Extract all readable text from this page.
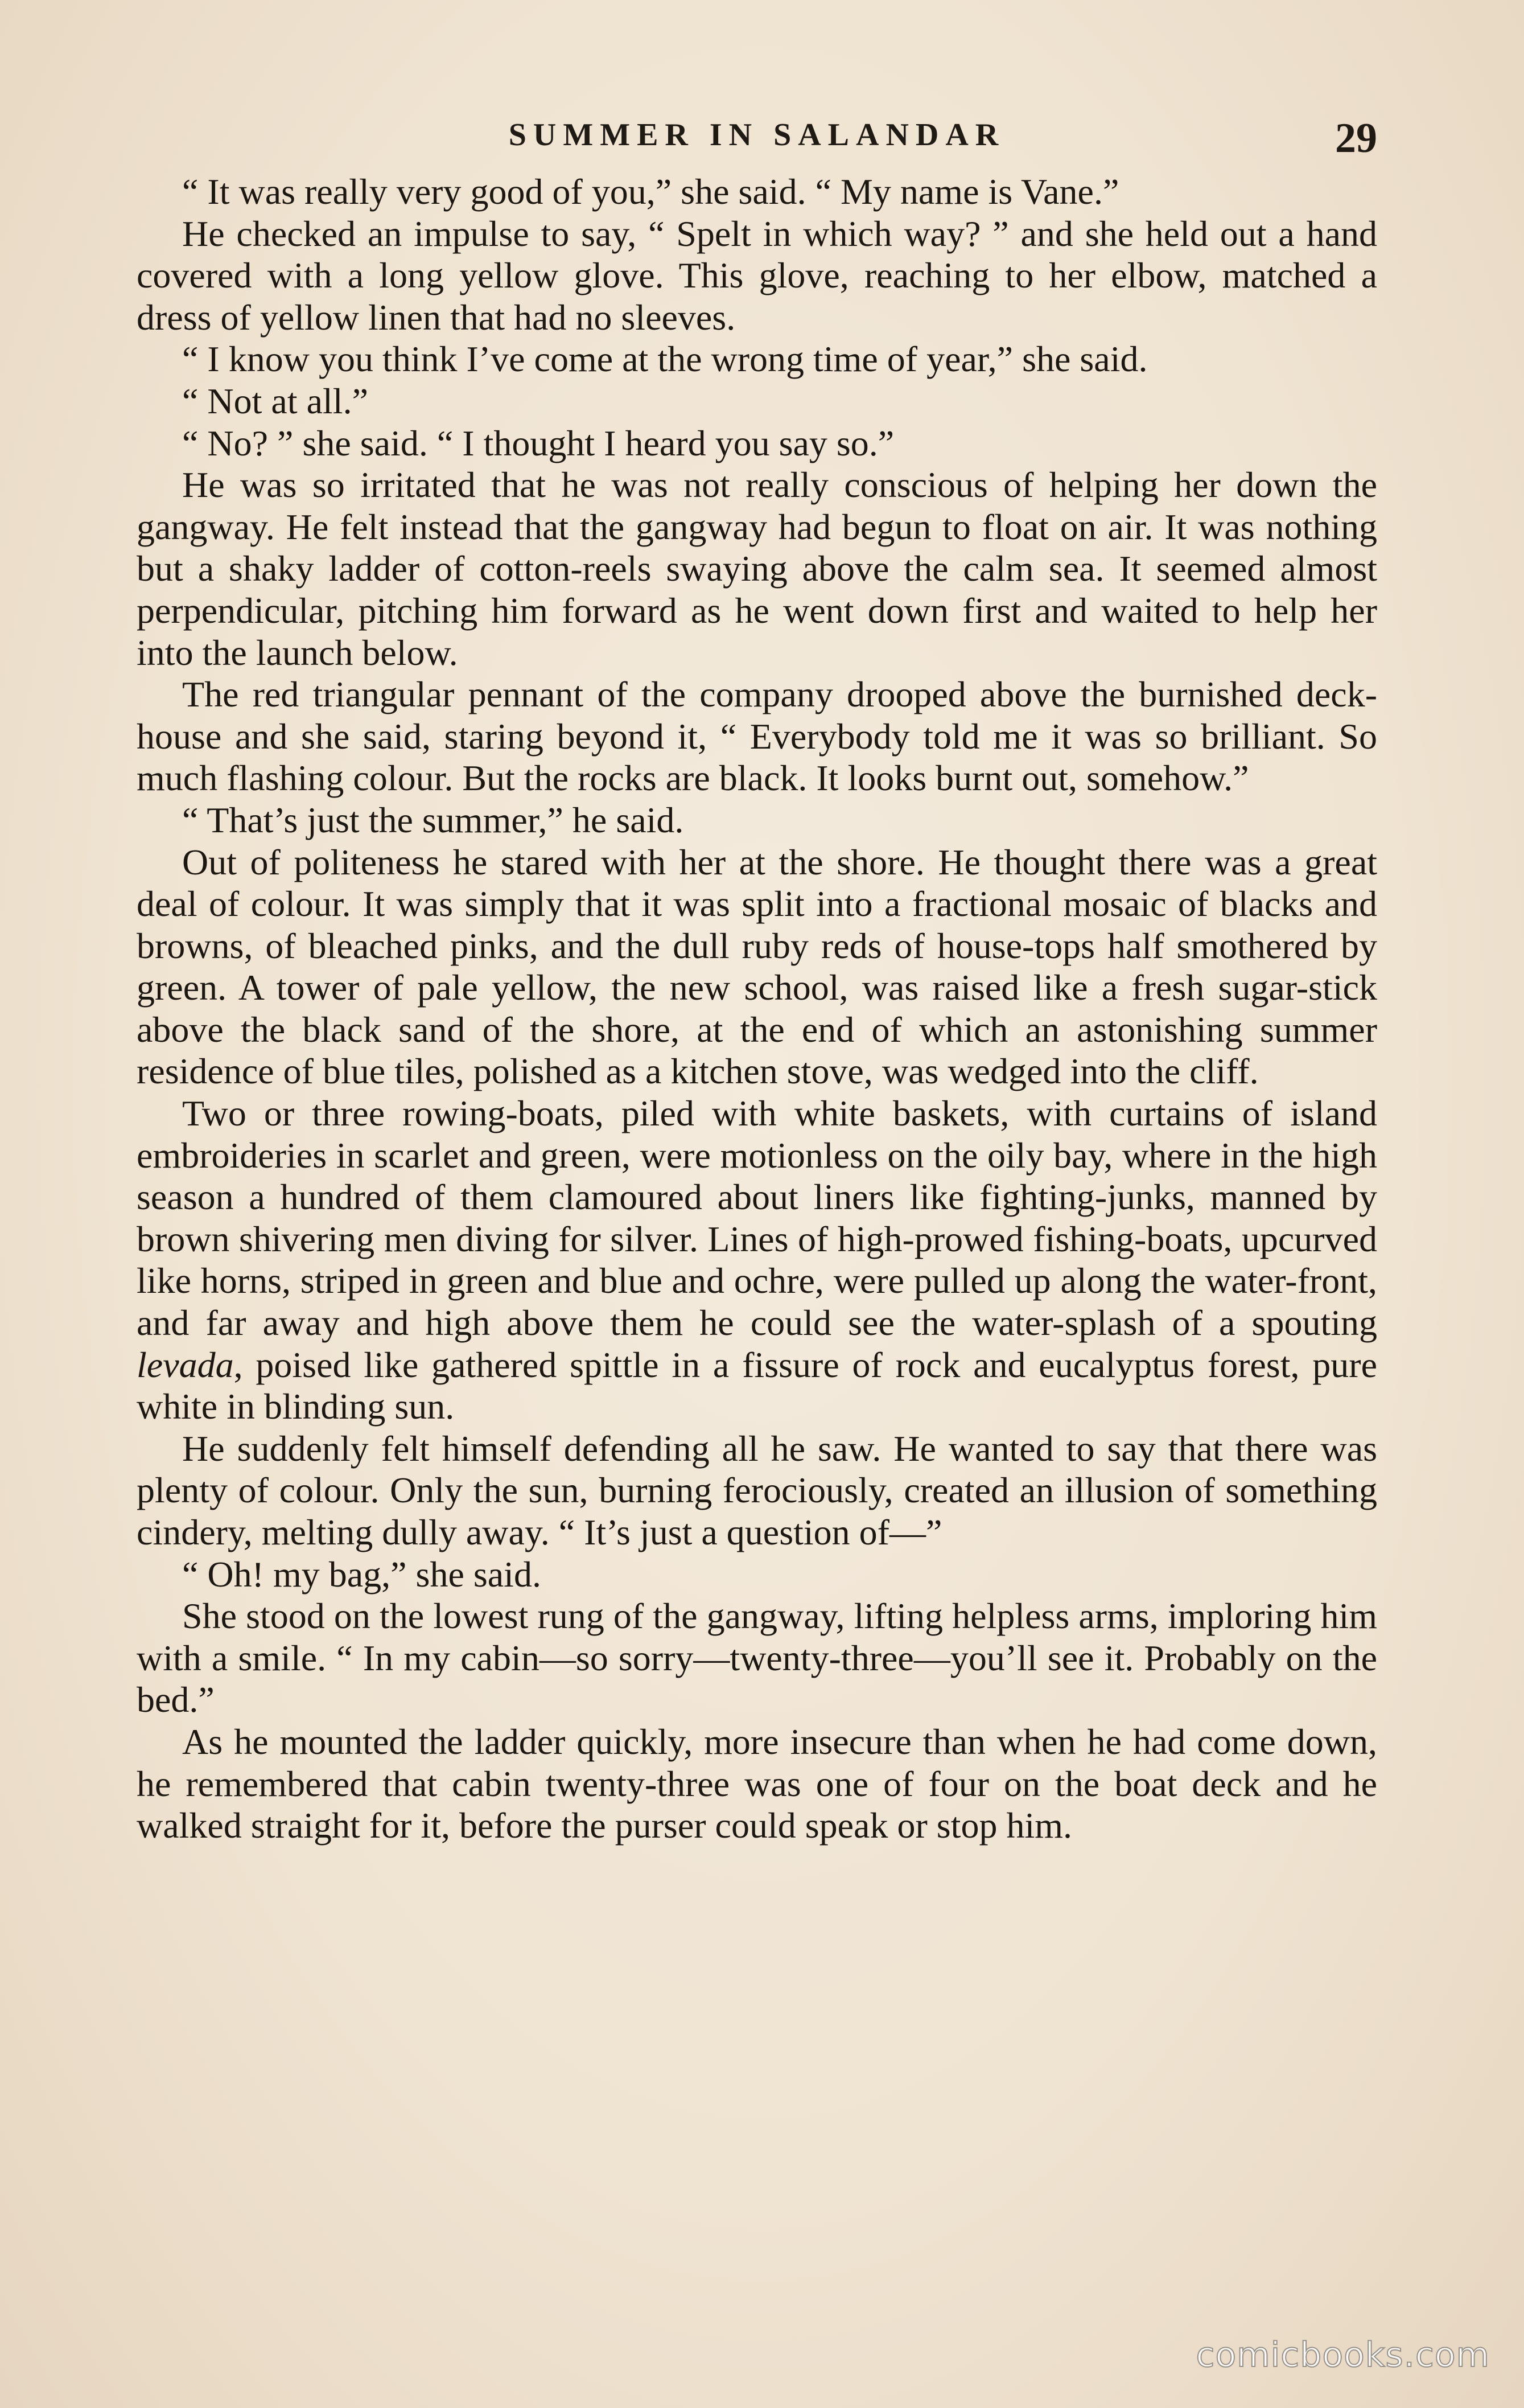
SUMMER IN SALANDAR	29

“ It was really very good of you,” she said. “ My name is Vane.”

He checked an impulse to say, “ Spelt in which way? ” and she held out a hand covered with a long yellow glove. This glove, reaching to her elbow, matched a dress of yellow linen that had no sleeves.

“ I know you think I’ve come at the wrong time of year,” she said.

“ Not at all.”

“ No? ” she said. “ I thought I heard you say so.”

He was so irritated that he was not really conscious of helping her down the gangway. He felt instead that the gangway had begun to float on air. It was nothing but a shaky ladder of cotton-reels swaying above the calm sea. It seemed almost perpendicular, pitching him forward as he went down first and waited to help her into the launch below.

The red triangular pennant of the company drooped above the burnished deck-house and she said, staring beyond it, “ Everybody told me it was so brilliant. So much flashing colour. But the rocks are black. It looks burnt out, somehow.”

“ That’s just the summer,” he said.

Out of politeness he stared with her at the shore. He thought there was a great deal of colour. It was simply that it was split into a fractional mosaic of blacks and browns, of bleached pinks, and the dull ruby reds of house-tops half smothered by green. A tower of pale yellow, the new school, was raised like a fresh sugar-stick above the black sand of the shore, at the end of which an astonishing summer residence of blue tiles, polished as a kitchen stove, was wedged into the cliff.

Two or three rowing-boats, piled with white baskets, with curtains of island embroideries in scarlet and green, were motionless on the oily bay, where in the high season a hundred of them clamoured about liners like fighting-junks, manned by brown shivering men diving for silver. Lines of high-prowed fishing-boats, upcurved like horns, striped in green and blue and ochre, were pulled up along the water-front, and far away and high above them he could see the water-splash of a spouting levada, poised like gathered spittle in a fissure of rock and eucalyptus forest, pure white in blinding sun.

He suddenly felt himself defending all he saw. He wanted to say that there was plenty of colour. Only the sun, burning ferociously, created an illusion of something cindery, melting dully away. “ It’s just a question of—”

“ Oh! my bag,” she said.

She stood on the lowest rung of the gangway, lifting helpless arms, imploring him with a smile. “ In my cabin—so sorry—twenty-three—you’ll see it. Probably on the bed.”

As he mounted the ladder quickly, more insecure than when he had come down, he remembered that cabin twenty-three was one of four on the boat deck and he walked straight for it, before the purser could speak or stop him.

comicbooks.com
